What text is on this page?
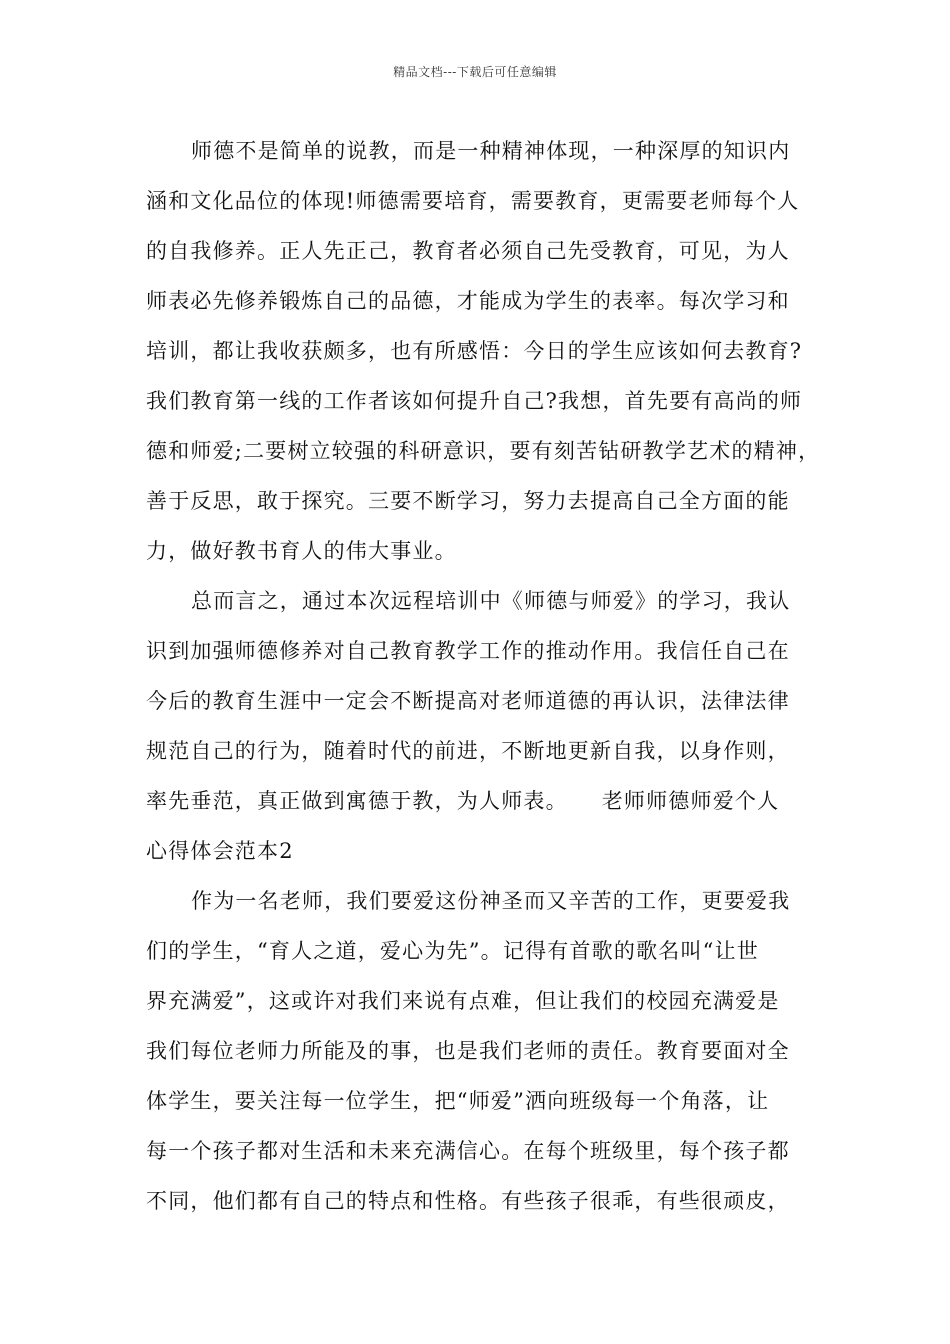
精品文档---下载后可任意编辑
师德不是简单的说教，而是一种精神体现，一种深厚的知识内
涵和文化品位的体现!师德需要培育，需要教育，更需要老师每个人
的自我修养。正人先正己，教育者必须自己先受教育，可见，为人
师表必先修养锻炼自己的品德，才能成为学生的表率。每次学习和
培训，都让我收获颇多，也有所感悟：今日的学生应该如何去教育?
我们教育第一线的工作者该如何提升自己?我想，首先要有高尚的师
德和师爱;二要树立较强的科研意识，要有刻苦钻研教学艺术的精神，
善于反思，敢于探究。三要不断学习，努力去提高自己全方面的能
力，做好教书育人的伟大事业。
总而言之，通过本次远程培训中《师德与师爱》的学习，我认
识到加强师德修养对自己教育教学工作的推动作用。我信任自己在
今后的教育生涯中一定会不断提高对老师道德的再认识，法律法律
规范自己的行为，随着时代的前进，不断地更新自我，以身作则，
率先垂范，真正做到寓德于教，为人师表。　　老师师德师爱个人
心得体会范本2
作为一名老师，我们要爱这份神圣而又辛苦的工作，更要爱我
们的学生，“育人之道，爱心为先”。记得有首歌的歌名叫“让世
界充满爱”，这或许对我们来说有点难，但让我们的校园充满爱是
我们每位老师力所能及的事，也是我们老师的责任。教育要面对全
体学生，要关注每一位学生，把“师爱”洒向班级每一个角落，让
每一个孩子都对生活和未来充满信心。在每个班级里，每个孩子都
不同，他们都有自己的特点和性格。有些孩子很乖，有些很顽皮，
